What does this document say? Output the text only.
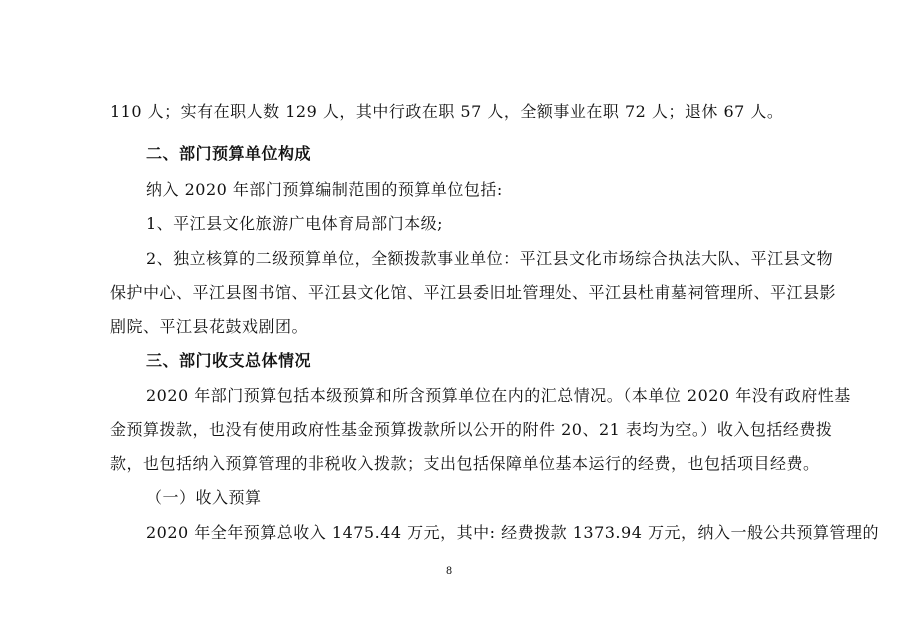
110 人；实有在职人数 129 人，其中行政在职 57 人，全额事业在职 72 人；退休 67 人。
二、部门预算单位构成
纳入 2020 年部门预算编制范围的预算单位包括:
1、平江县文化旅游广电体育局部门本级;
2、独立核算的二级预算单位，全额拨款事业单位：平江县文化市场综合执法大队、平江县文物
保护中心、平江县图书馆、平江县文化馆、平江县委旧址管理处、平江县杜甫墓祠管理所、平江县影
剧院、平江县花鼓戏剧团。
三、部门收支总体情况
2020 年部门预算包括本级预算和所含预算单位在内的汇总情况。（本单位 2020 年没有政府性基
金预算拨款，也没有使用政府性基金预算拨款所以公开的附件 20、21 表均为空。）收入包括经费拨
款，也包括纳入预算管理的非税收入拨款；支出包括保障单位基本运行的经费，也包括项目经费。
（一）收入预算
2020 年全年预算总收入 1475.44 万元，其中: 经费拨款 1373.94 万元，纳入一般公共预算管理的
8
